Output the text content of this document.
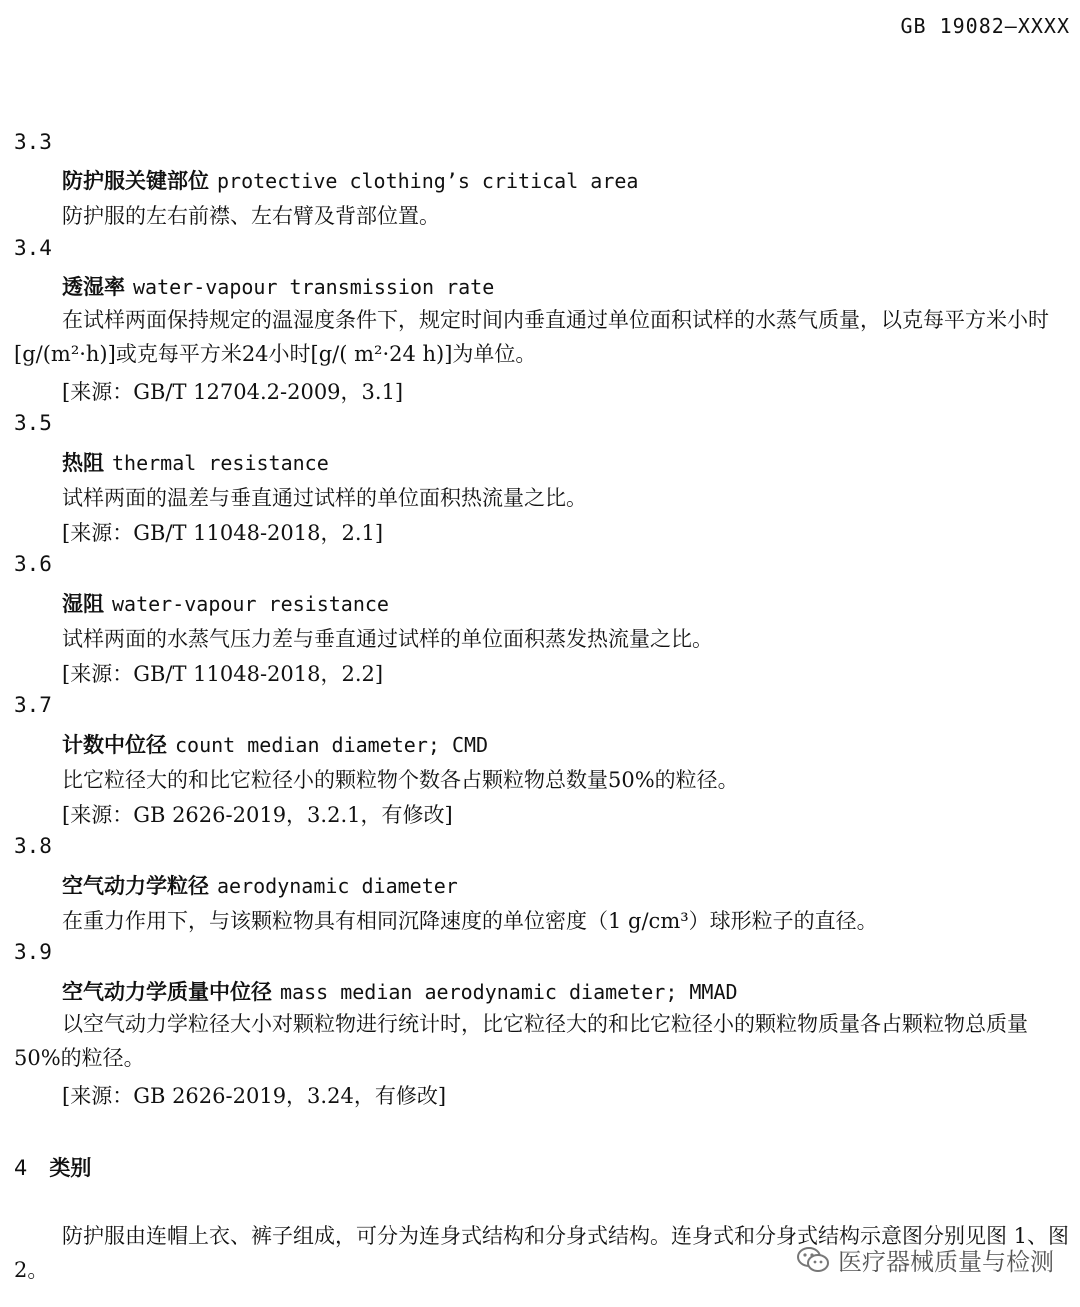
GB 19082—XXXX
3.3
防护服关键部位 protective clothing’s critical area
防护服的左右前襟、左右臂及背部位置。
3.4
透湿率 water-vapour transmission rate
在试样两面保持规定的温湿度条件下，规定时间内垂直通过单位面积试样的水蒸气质量，以克每平方米小时[g/(m²·h)]或克每平方米24小时[g/( m²·24 h)]为单位。
[来源：GB/T 12704.2-2009，3.1]
3.5
热阻 thermal resistance
试样两面的温差与垂直通过试样的单位面积热流量之比。
[来源：GB/T 11048-2018，2.1]
3.6
湿阻 water-vapour resistance
试样两面的水蒸气压力差与垂直通过试样的单位面积蒸发热流量之比。
[来源：GB/T 11048-2018，2.2]
3.7
计数中位径 count median diameter; CMD
比它粒径大的和比它粒径小的颗粒物个数各占颗粒物总数量50%的粒径。
[来源：GB 2626-2019，3.2.1，有修改]
3.8
空气动力学粒径 aerodynamic diameter
在重力作用下，与该颗粒物具有相同沉降速度的单位密度（1 g/cm³）球形粒子的直径。
3.9
空气动力学质量中位径 mass median aerodynamic diameter; MMAD
以空气动力学粒径大小对颗粒物进行统计时，比它粒径大的和比它粒径小的颗粒物质量各占颗粒物总质量50%的粒径。
[来源：GB 2626-2019，3.24，有修改]
4 类别
防护服由连帽上衣、裤子组成，可分为连身式结构和分身式结构。连身式和分身式结构示意图分别见图 1、图 2。	医疗器械质量与检测
